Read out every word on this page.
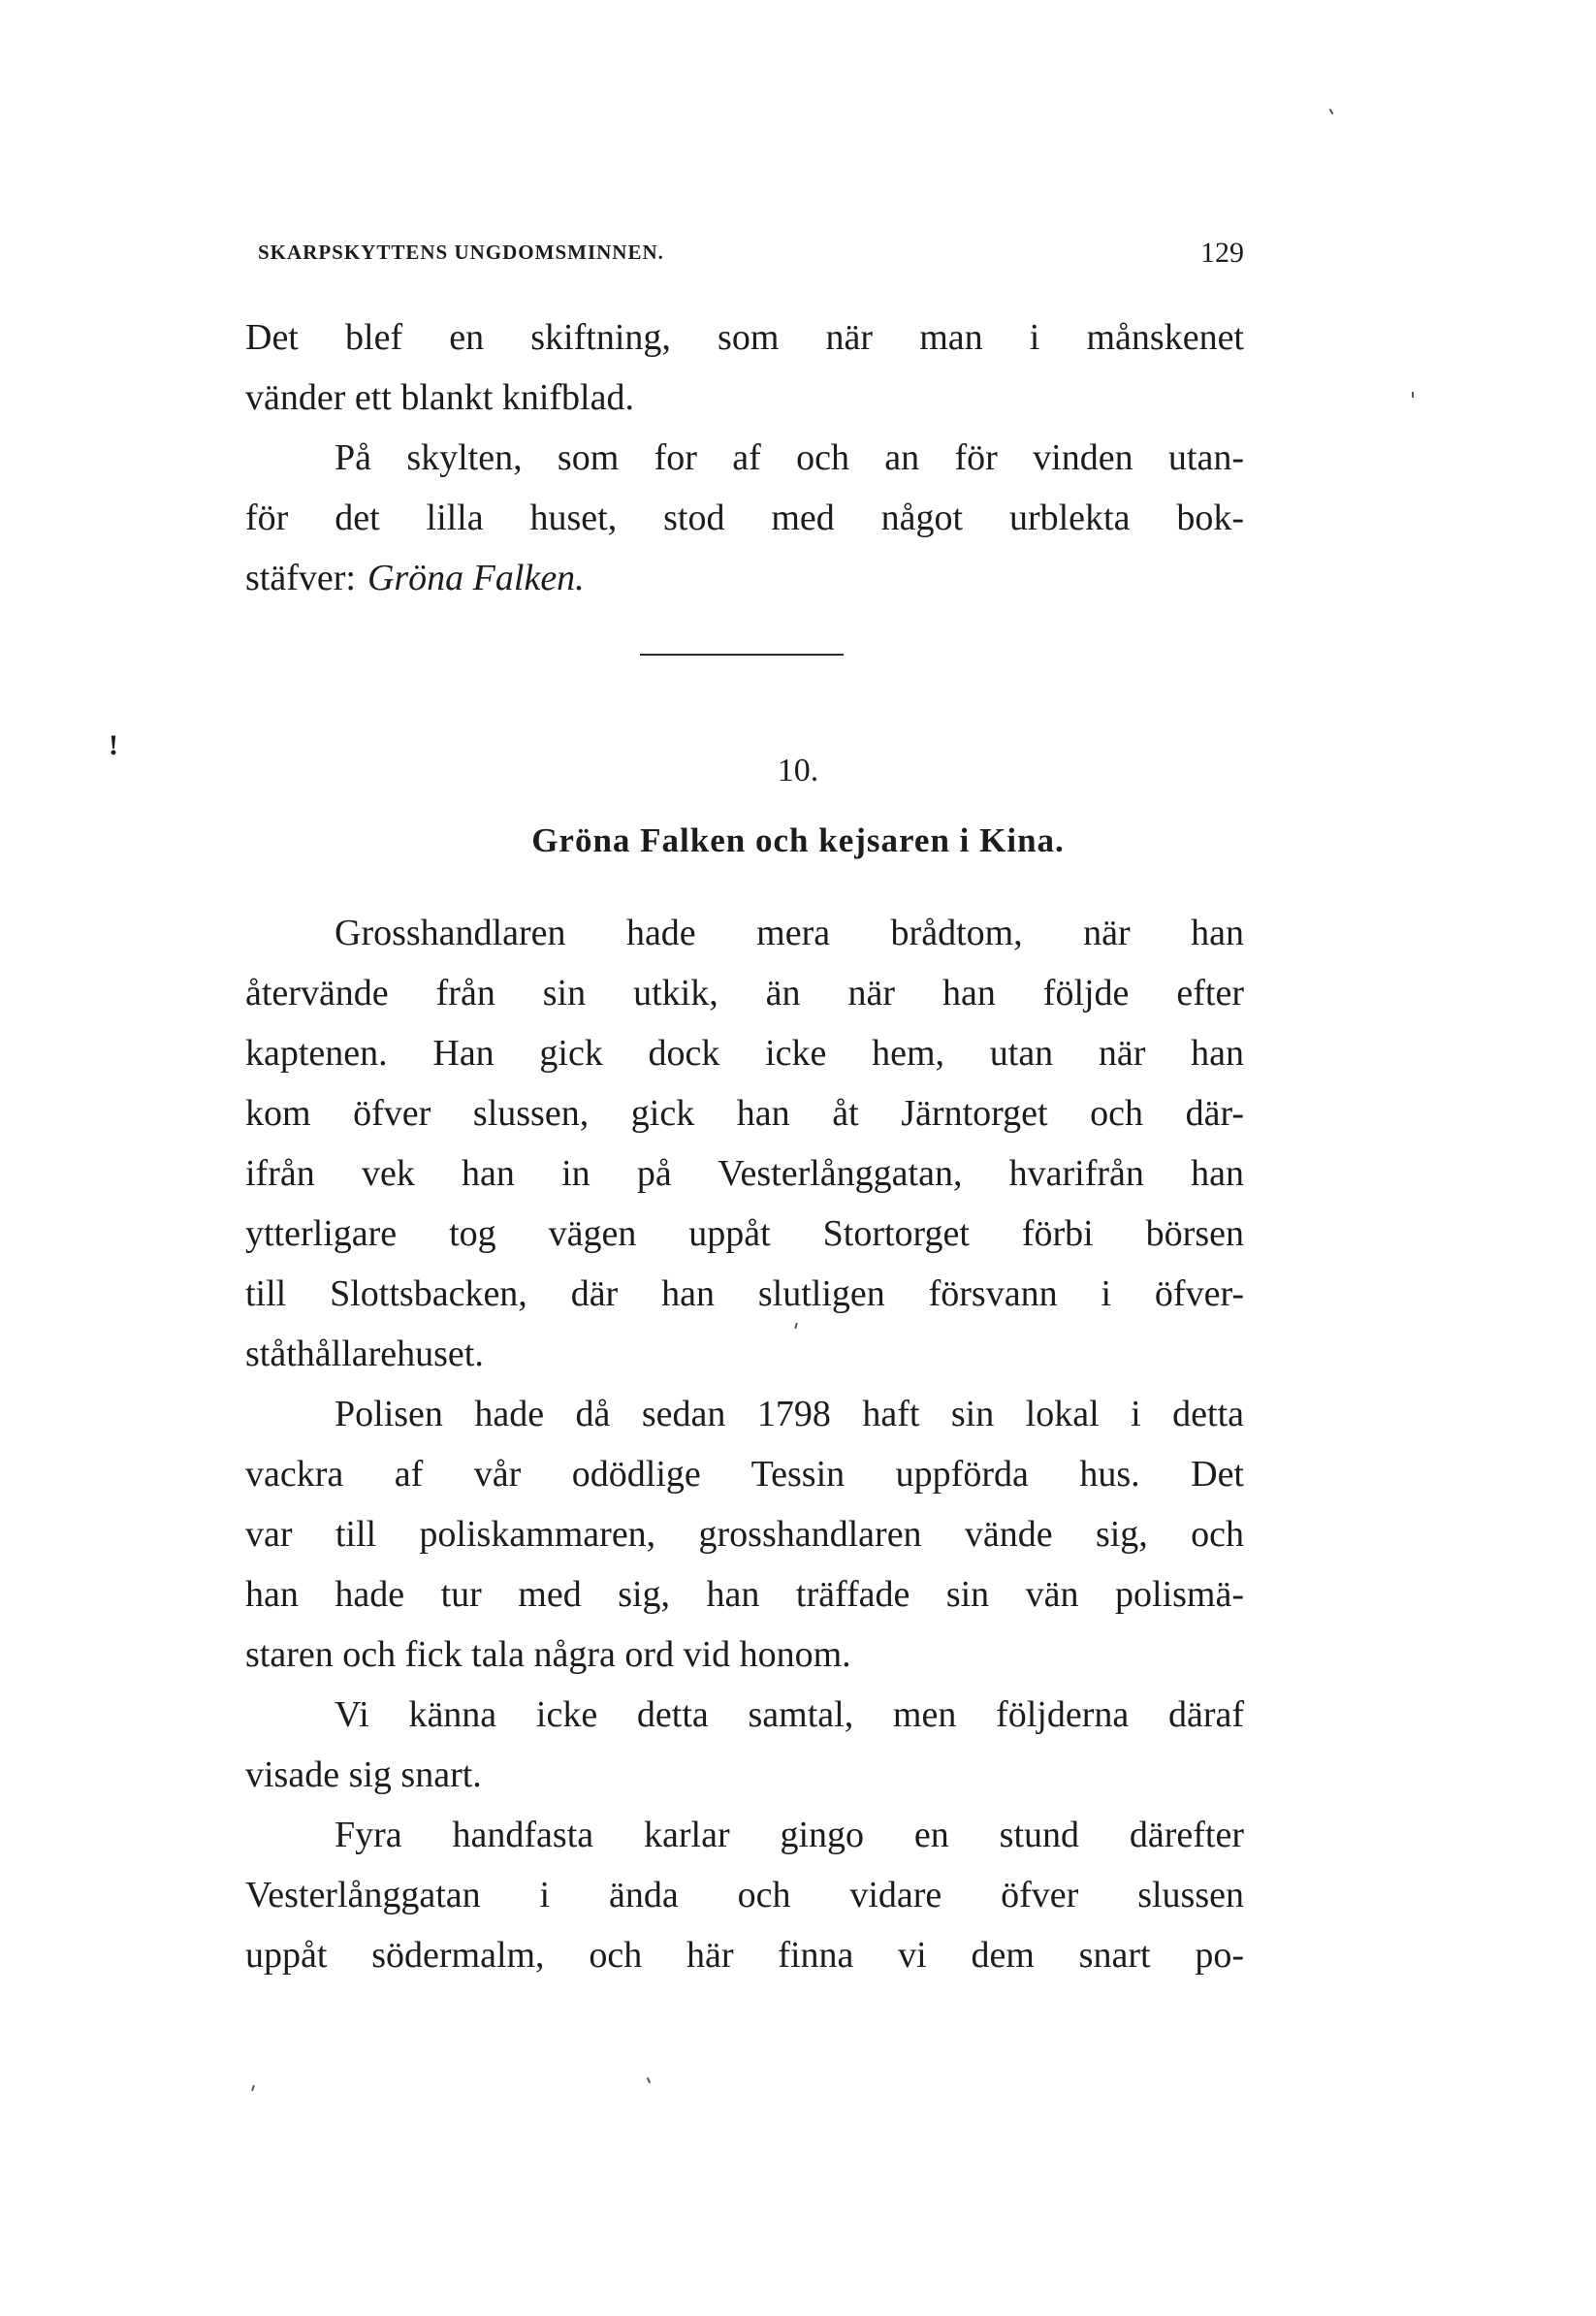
SKARPSKYTTENS UNGDOMSMINNEN.	129
Det blef en skiftning, som när man i månskenet
vänder ett blankt knifblad.
På skylten, som for af och an för vinden utan-
för det lilla huset, stod med något urblekta bok-
stäfver: Gröna Falken.
!
10.
Gröna Falken och kejsaren i Kina.
Grosshandlaren hade mera brådtom, när han
återvände från sin utkik, än när han följde efter
kaptenen. Han gick dock icke hem, utan när han
kom öfver slussen, gick han åt Järntorget och där-
ifrån vek han in på Vesterlånggatan, hvarifrån han
ytterligare tog vägen uppåt Stortorget förbi börsen
till Slottsbacken, där han slutligen försvann i öfver-
ståthållarehuset.
Polisen hade då sedan 1798 haft sin lokal i detta
vackra af vår odödlige Tessin uppförda hus. Det
var till poliskammaren, grosshandlaren vände sig, och
han hade tur med sig, han träffade sin vän polismä-
staren och fick tala några ord vid honom.
Vi känna icke detta samtal, men följderna däraf
visade sig snart.
Fyra handfasta karlar gingo en stund därefter
Vesterlånggatan i ända och vidare öfver slussen
uppåt södermalm, och här finna vi dem snart po-
